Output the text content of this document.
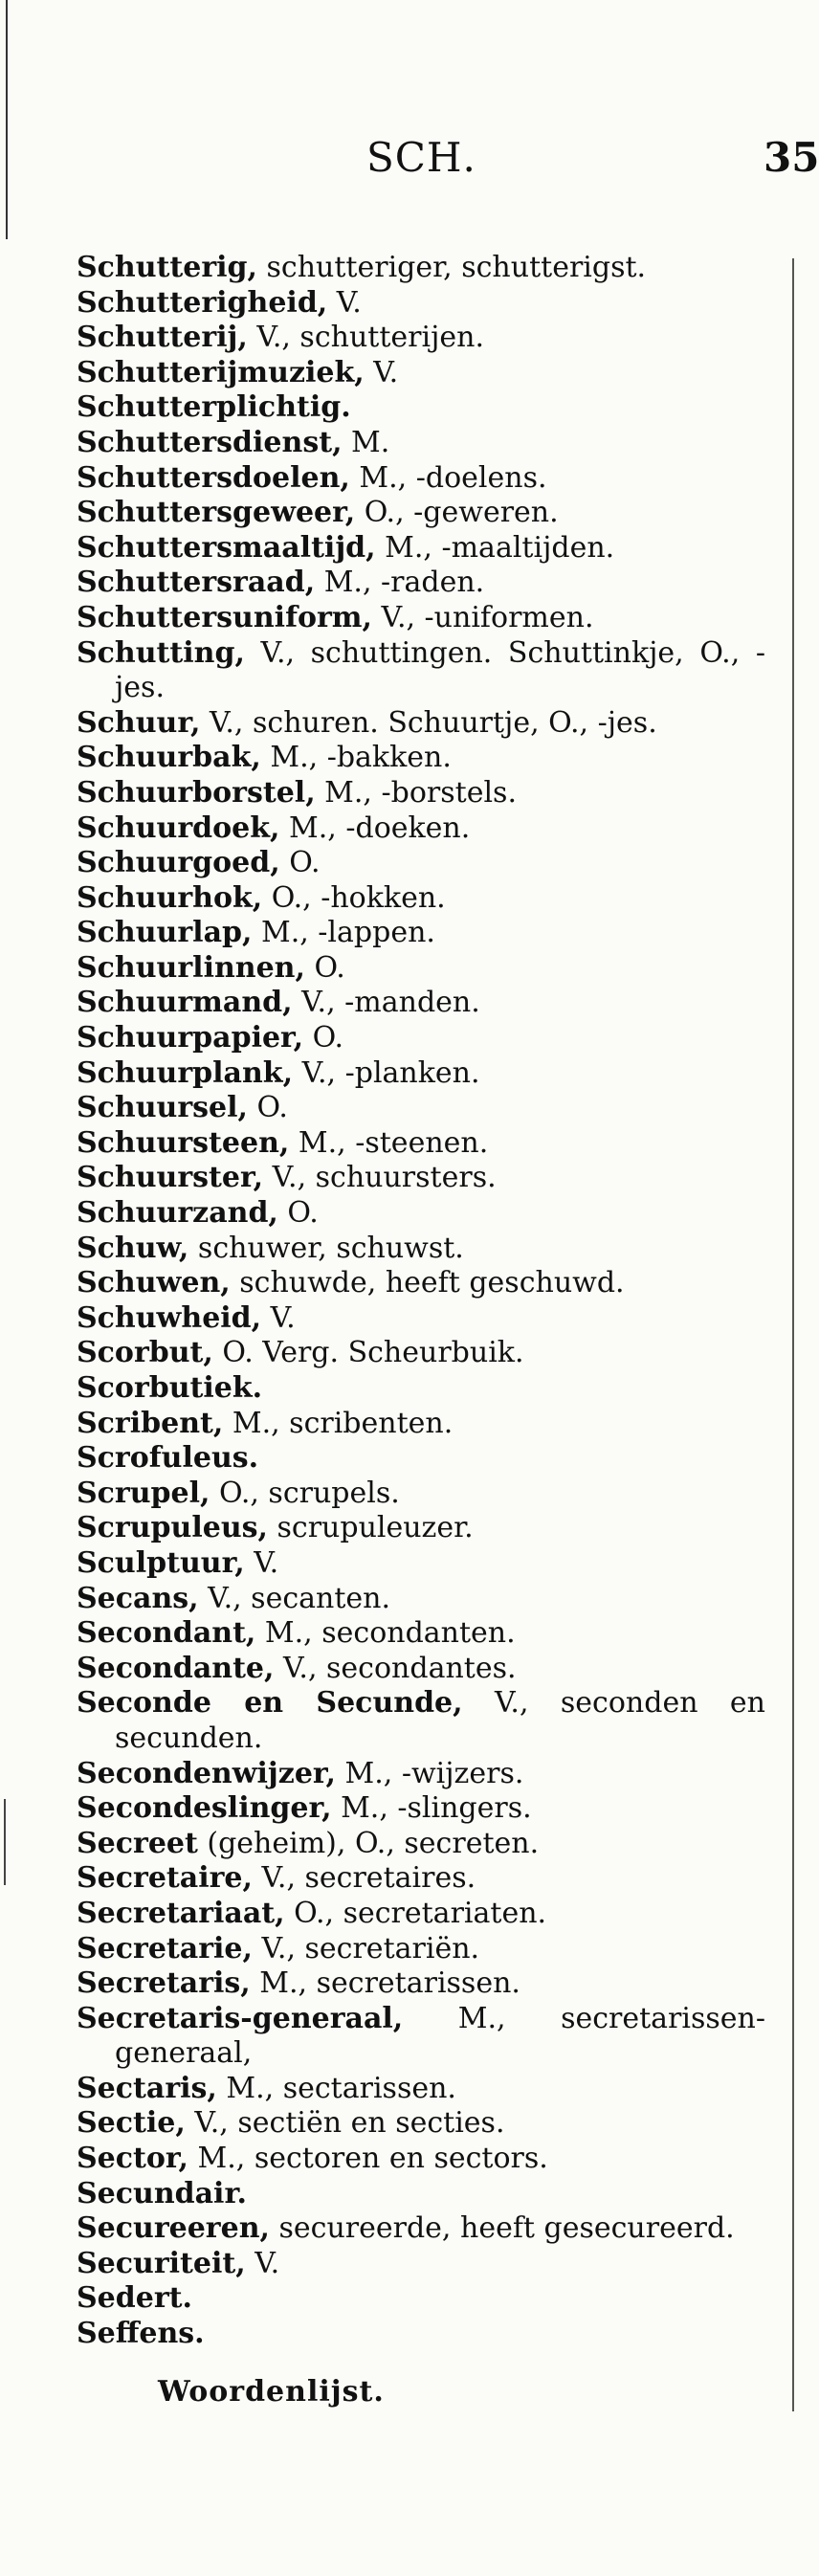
SCH.	35
Schutterig, schutteriger, schutterigst.
Schutterigheid, V.
Schutterij, V., schutterijen.
Schutterijmuziek, V.
Schutterplichtig.
Schuttersdienst, M.
Schuttersdoelen, M., -doelens.
Schuttersgeweer, O., -geweren.
Schuttersmaaltijd, M., -maaltijden.
Schuttersraad, M., -raden.
Schuttersuniform, V., -uniformen.
Schutting, V., schuttingen. Schuttinkje, O., -jes.
Schuur, V., schuren. Schuurtje, O., -jes.
Schuurbak, M., -bakken.
Schuurborstel, M., -borstels.
Schuurdoek, M., -doeken.
Schuurgoed, O.
Schuurhok, O., -hokken.
Schuurlap, M., -lappen.
Schuurlinnen, O.
Schuurmand, V., -manden.
Schuurpapier, O.
Schuurplank, V., -planken.
Schuursel, O.
Schuursteen, M., -steenen.
Schuurster, V., schuursters.
Schuurzand, O.
Schuw, schuwer, schuwst.
Schuwen, schuwde, heeft geschuwd.
Schuwheid, V.
Scorbut, O. Verg. Scheurbuik.
Scorbutiek.
Scribent, M., scribenten.
Scrofuleus.
Scrupel, O., scrupels.
Scrupuleus, scrupuleuzer.
Sculptuur, V.
Secans, V., secanten.
Secondant, M., secondanten.
Secondante, V., secondantes.
Seconde en Secunde, V., seconden en secunden.
Secondenwijzer, M., -wijzers.
Secondeslinger, M., -slingers.
Secreet (geheim), O., secreten.
Secretaire, V., secretaires.
Secretariaat, O., secretariaten.
Secretarie, V., secretariën.
Secretaris, M., secretarissen.
Secretaris-generaal, M., secretarissen-generaal,
Sectaris, M., sectarissen.
Sectie, V., sectiën en secties.
Sector, M., sectoren en sectors.
Secundair.
Secureeren, secureerde, heeft gesecureerd.
Securiteit, V.
Sedert.
Seffens.
Woordenlijst.
